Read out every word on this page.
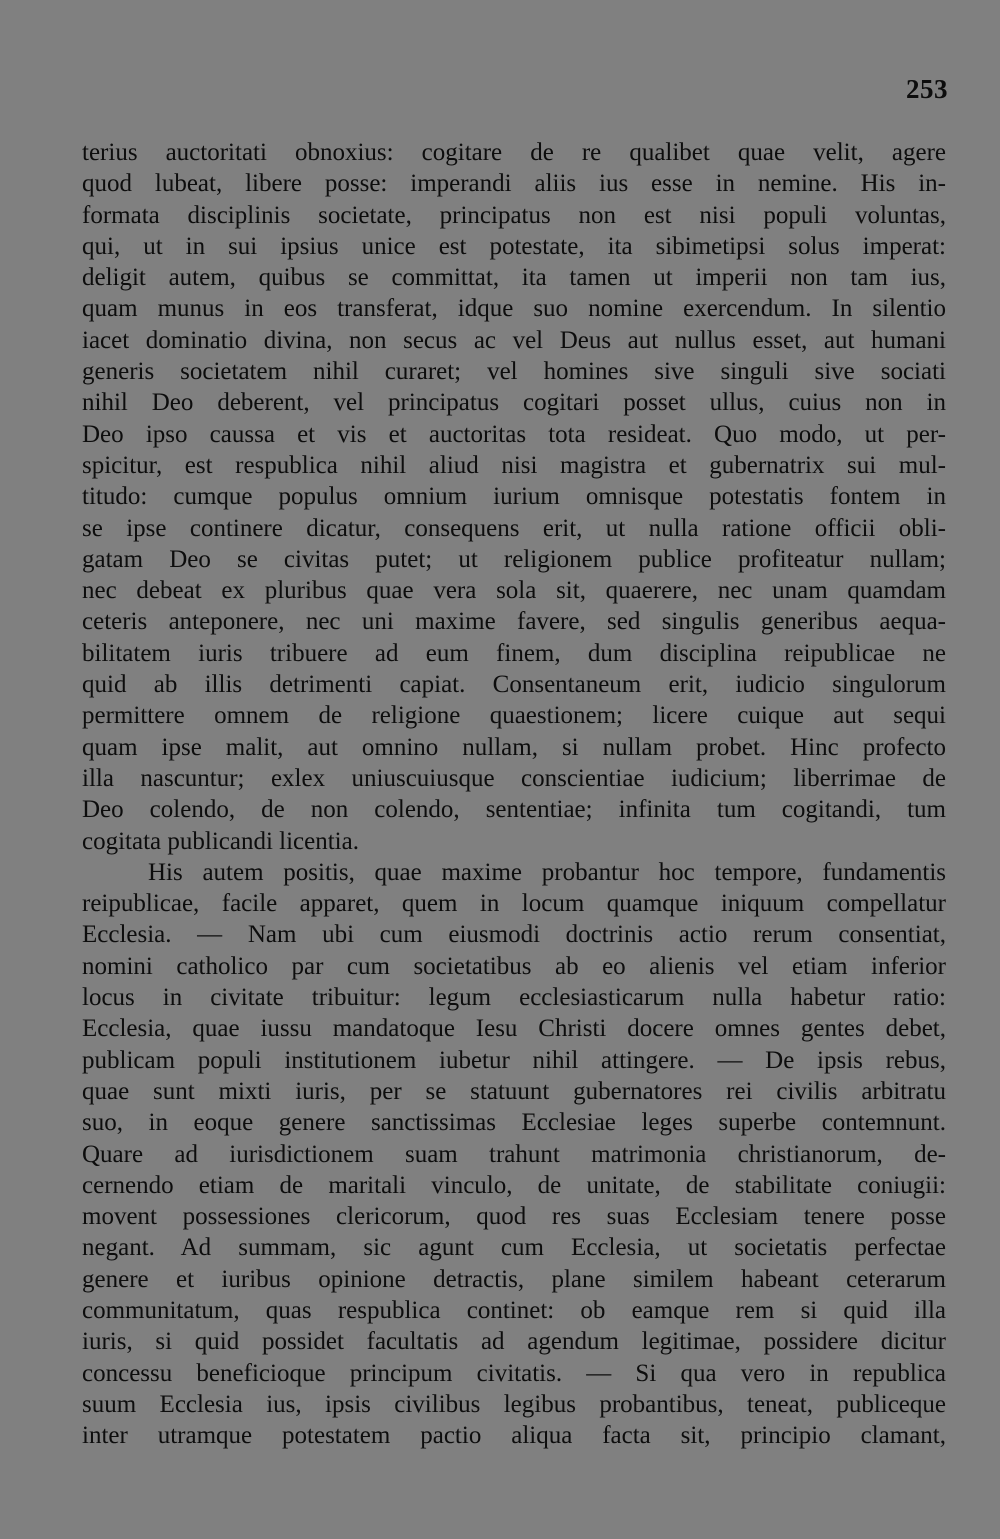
253
terius auctoritati obnoxius: cogitare de re qualibet quae velit, agere
quod lubeat, libere posse: imperandi aliis ius esse in nemine. His in-
formata disciplinis societate, principatus non est nisi populi voluntas,
qui, ut in sui ipsius unice est potestate, ita sibimetipsi solus imperat:
deligit autem, quibus se committat, ita tamen ut imperii non tam ius,
quam munus in eos transferat, idque suo nomine exercendum. In silentio
iacet dominatio divina, non secus ac vel Deus aut nullus esset, aut humani
generis societatem nihil curaret; vel homines sive singuli sive sociati
nihil Deo deberent, vel principatus cogitari posset ullus, cuius non in
Deo ipso caussa et vis et auctoritas tota resideat. Quo modo, ut per-
spicitur, est respublica nihil aliud nisi magistra et gubernatrix sui mul-
titudo: cumque populus omnium iurium omnisque potestatis fontem in
se ipse continere dicatur, consequens erit, ut nulla ratione officii obli-
gatam Deo se civitas putet; ut religionem publice profiteatur nullam;
nec debeat ex pluribus quae vera sola sit, quaerere, nec unam quamdam
ceteris anteponere, nec uni maxime favere, sed singulis generibus aequa-
bilitatem iuris tribuere ad eum finem, dum disciplina reipublicae ne
quid ab illis detrimenti capiat. Consentaneum erit, iudicio singulorum
permittere omnem de religione quaestionem; licere cuique aut sequi
quam ipse malit, aut omnino nullam, si nullam probet. Hinc profecto
illa nascuntur; exlex uniuscuiusque conscientiae iudicium; liberrimae de
Deo colendo, de non colendo, sententiae; infinita tum cogitandi, tum
cogitata publicandi licentia.
His autem positis, quae maxime probantur hoc tempore, fundamentis
reipublicae, facile apparet, quem in locum quamque iniquum compellatur
Ecclesia. — Nam ubi cum eiusmodi doctrinis actio rerum consentiat,
nomini catholico par cum societatibus ab eo alienis vel etiam inferior
locus in civitate tribuitur: legum ecclesiasticarum nulla habetur ratio:
Ecclesia, quae iussu mandatoque Iesu Christi docere omnes gentes debet,
publicam populi institutionem iubetur nihil attingere. — De ipsis rebus,
quae sunt mixti iuris, per se statuunt gubernatores rei civilis arbitratu
suo, in eoque genere sanctissimas Ecclesiae leges superbe contemnunt.
Quare ad iurisdictionem suam trahunt matrimonia christianorum, de-
cernendo etiam de maritali vinculo, de unitate, de stabilitate coniugii:
movent possessiones clericorum, quod res suas Ecclesiam tenere posse
negant. Ad summam, sic agunt cum Ecclesia, ut societatis perfectae
genere et iuribus opinione detractis, plane similem habeant ceterarum
communitatum, quas respublica continet: ob eamque rem si quid illa
iuris, si quid possidet facultatis ad agendum legitimae, possidere dicitur
concessu beneficioque principum civitatis. — Si qua vero in republica
suum Ecclesia ius, ipsis civilibus legibus probantibus, teneat, publiceque
inter utramque potestatem pactio aliqua facta sit, principio clamant,
